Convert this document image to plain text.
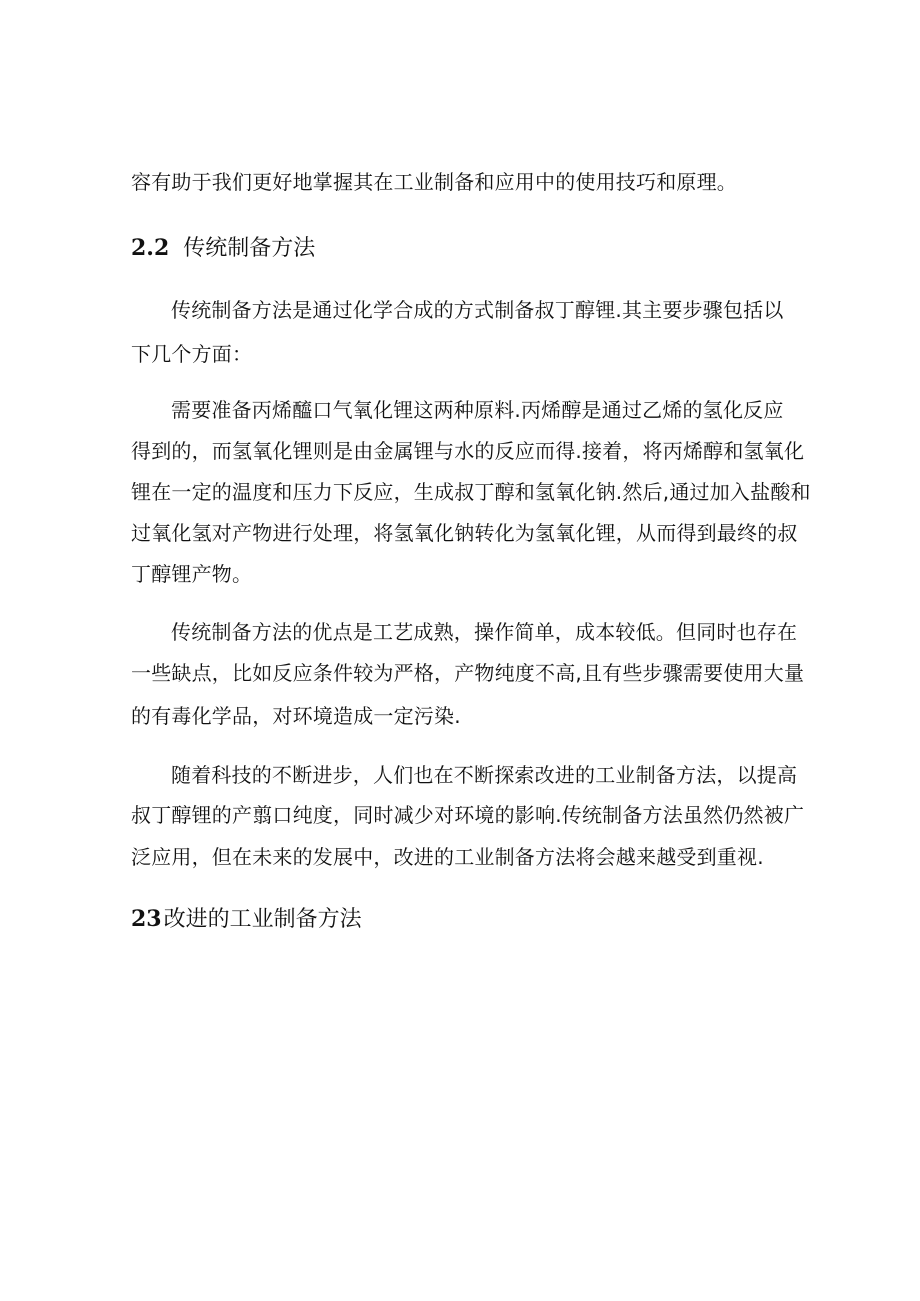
容有助于我们更好地掌握其在工业制备和应用中的使用技巧和原理。
2.2 传统制备方法
传统制备方法是通过化学合成的方式制备叔丁醇锂.其主要步骤包括以
下几个方面：
需要准备丙烯醯口气氧化锂这两种原料.丙烯醇是通过乙烯的氢化反应
得到的，而氢氧化锂则是由金属锂与水的反应而得.接着，将丙烯醇和氢氧化
锂在一定的温度和压力下反应，生成叔丁醇和氢氧化钠.然后,通过加入盐酸和
过氧化氢对产物进行处理，将氢氧化钠转化为氢氧化锂，从而得到最终的叔
丁醇锂产物。
传统制备方法的优点是工艺成熟，操作简单，成本较低。但同时也存在
一些缺点，比如反应条件较为严格，产物纯度不高,且有些步骤需要使用大量
的有毒化学品，对环境造成一定污染.
随着科技的不断进步，人们也在不断探索改进的工业制备方法，以提高
叔丁醇锂的产翦口纯度，同时减少对环境的影响.传统制备方法虽然仍然被广
泛应用，但在未来的发展中，改进的工业制备方法将会越来越受到重视.
23改进的工业制备方法
